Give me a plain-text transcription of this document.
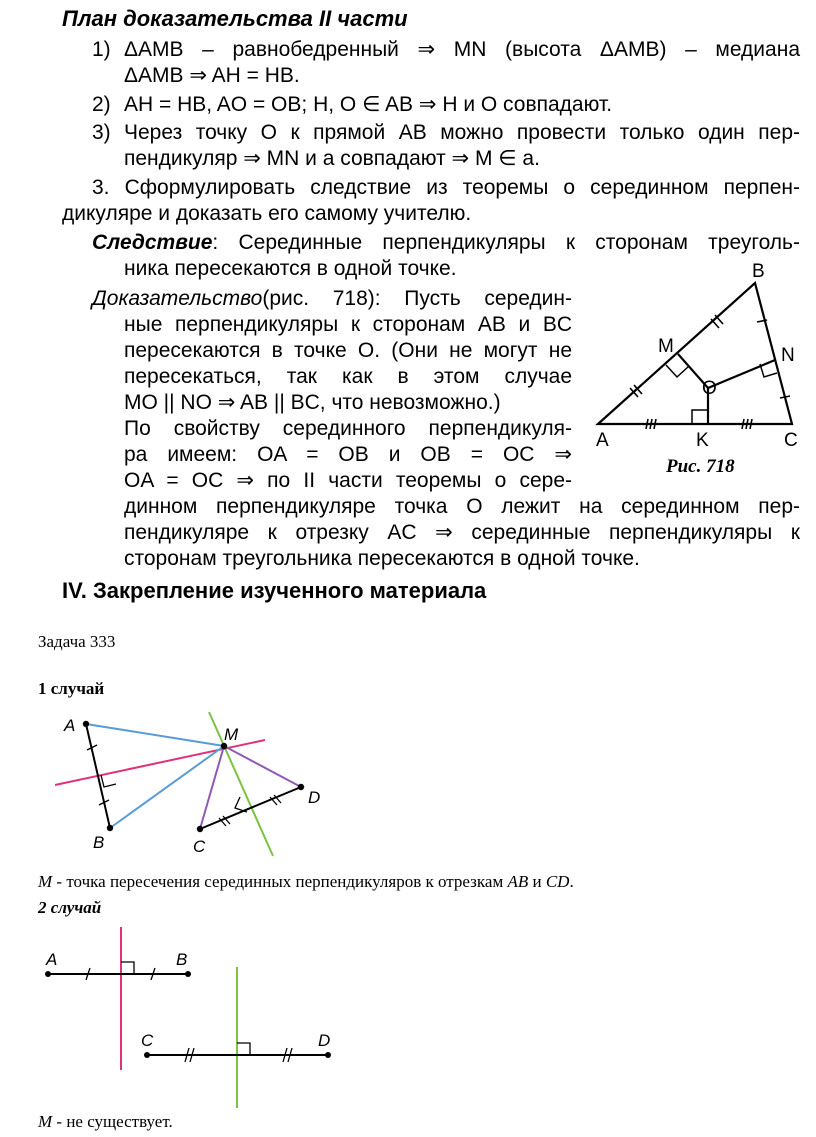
План доказательства II части
1) ΔAMB – равнобедренный ⇒ MN (высота ΔAMB) – медиана
ΔAMB ⇒ AH = HB.
2) AH = HB, AO = OB; H, O ∈ AB ⇒ H и O совпадают.
3) Через точку O к прямой AB можно провести только один пер-
пендикуляр ⇒ MN и a совпадают ⇒ M ∈ a.
3. Сформулировать следствие из теоремы о серединном перпен-
дикуляре и доказать его самому учителю.
Следствие : Серединные перпендикуляры к сторонам треуголь-
ника пересекаются в одной точке.
Доказательство (рис. 718): Пусть середин-
ные перпендикуляры к сторонам AB и BC
пересекаются в точке O. (Они не могут не
пересекаться, так как в этом случае
MO || NO ⇒ AB || BC, что невозможно.)
По свойству серединного перпендикуля-
ра имеем: OA = OB и OB = OC ⇒
OA = OC ⇒ по II части теоремы о сере-
динном перпендикуляре точка O лежит на серединном пер-
пендикуляре к отрезку AC ⇒ серединные перпендикуляры к
сторонам треугольника пересекаются в одной точке.
IV. Закрепление изученного материала
B
M	N
O
A	K	C
Рис. 718
Задача 333
1 случай
A
B	C
D
M
M - точка пересечения серединных перпендикуляров к отрезкам AB и CD.
2 случай
A	B
C	D
M - не существует.
